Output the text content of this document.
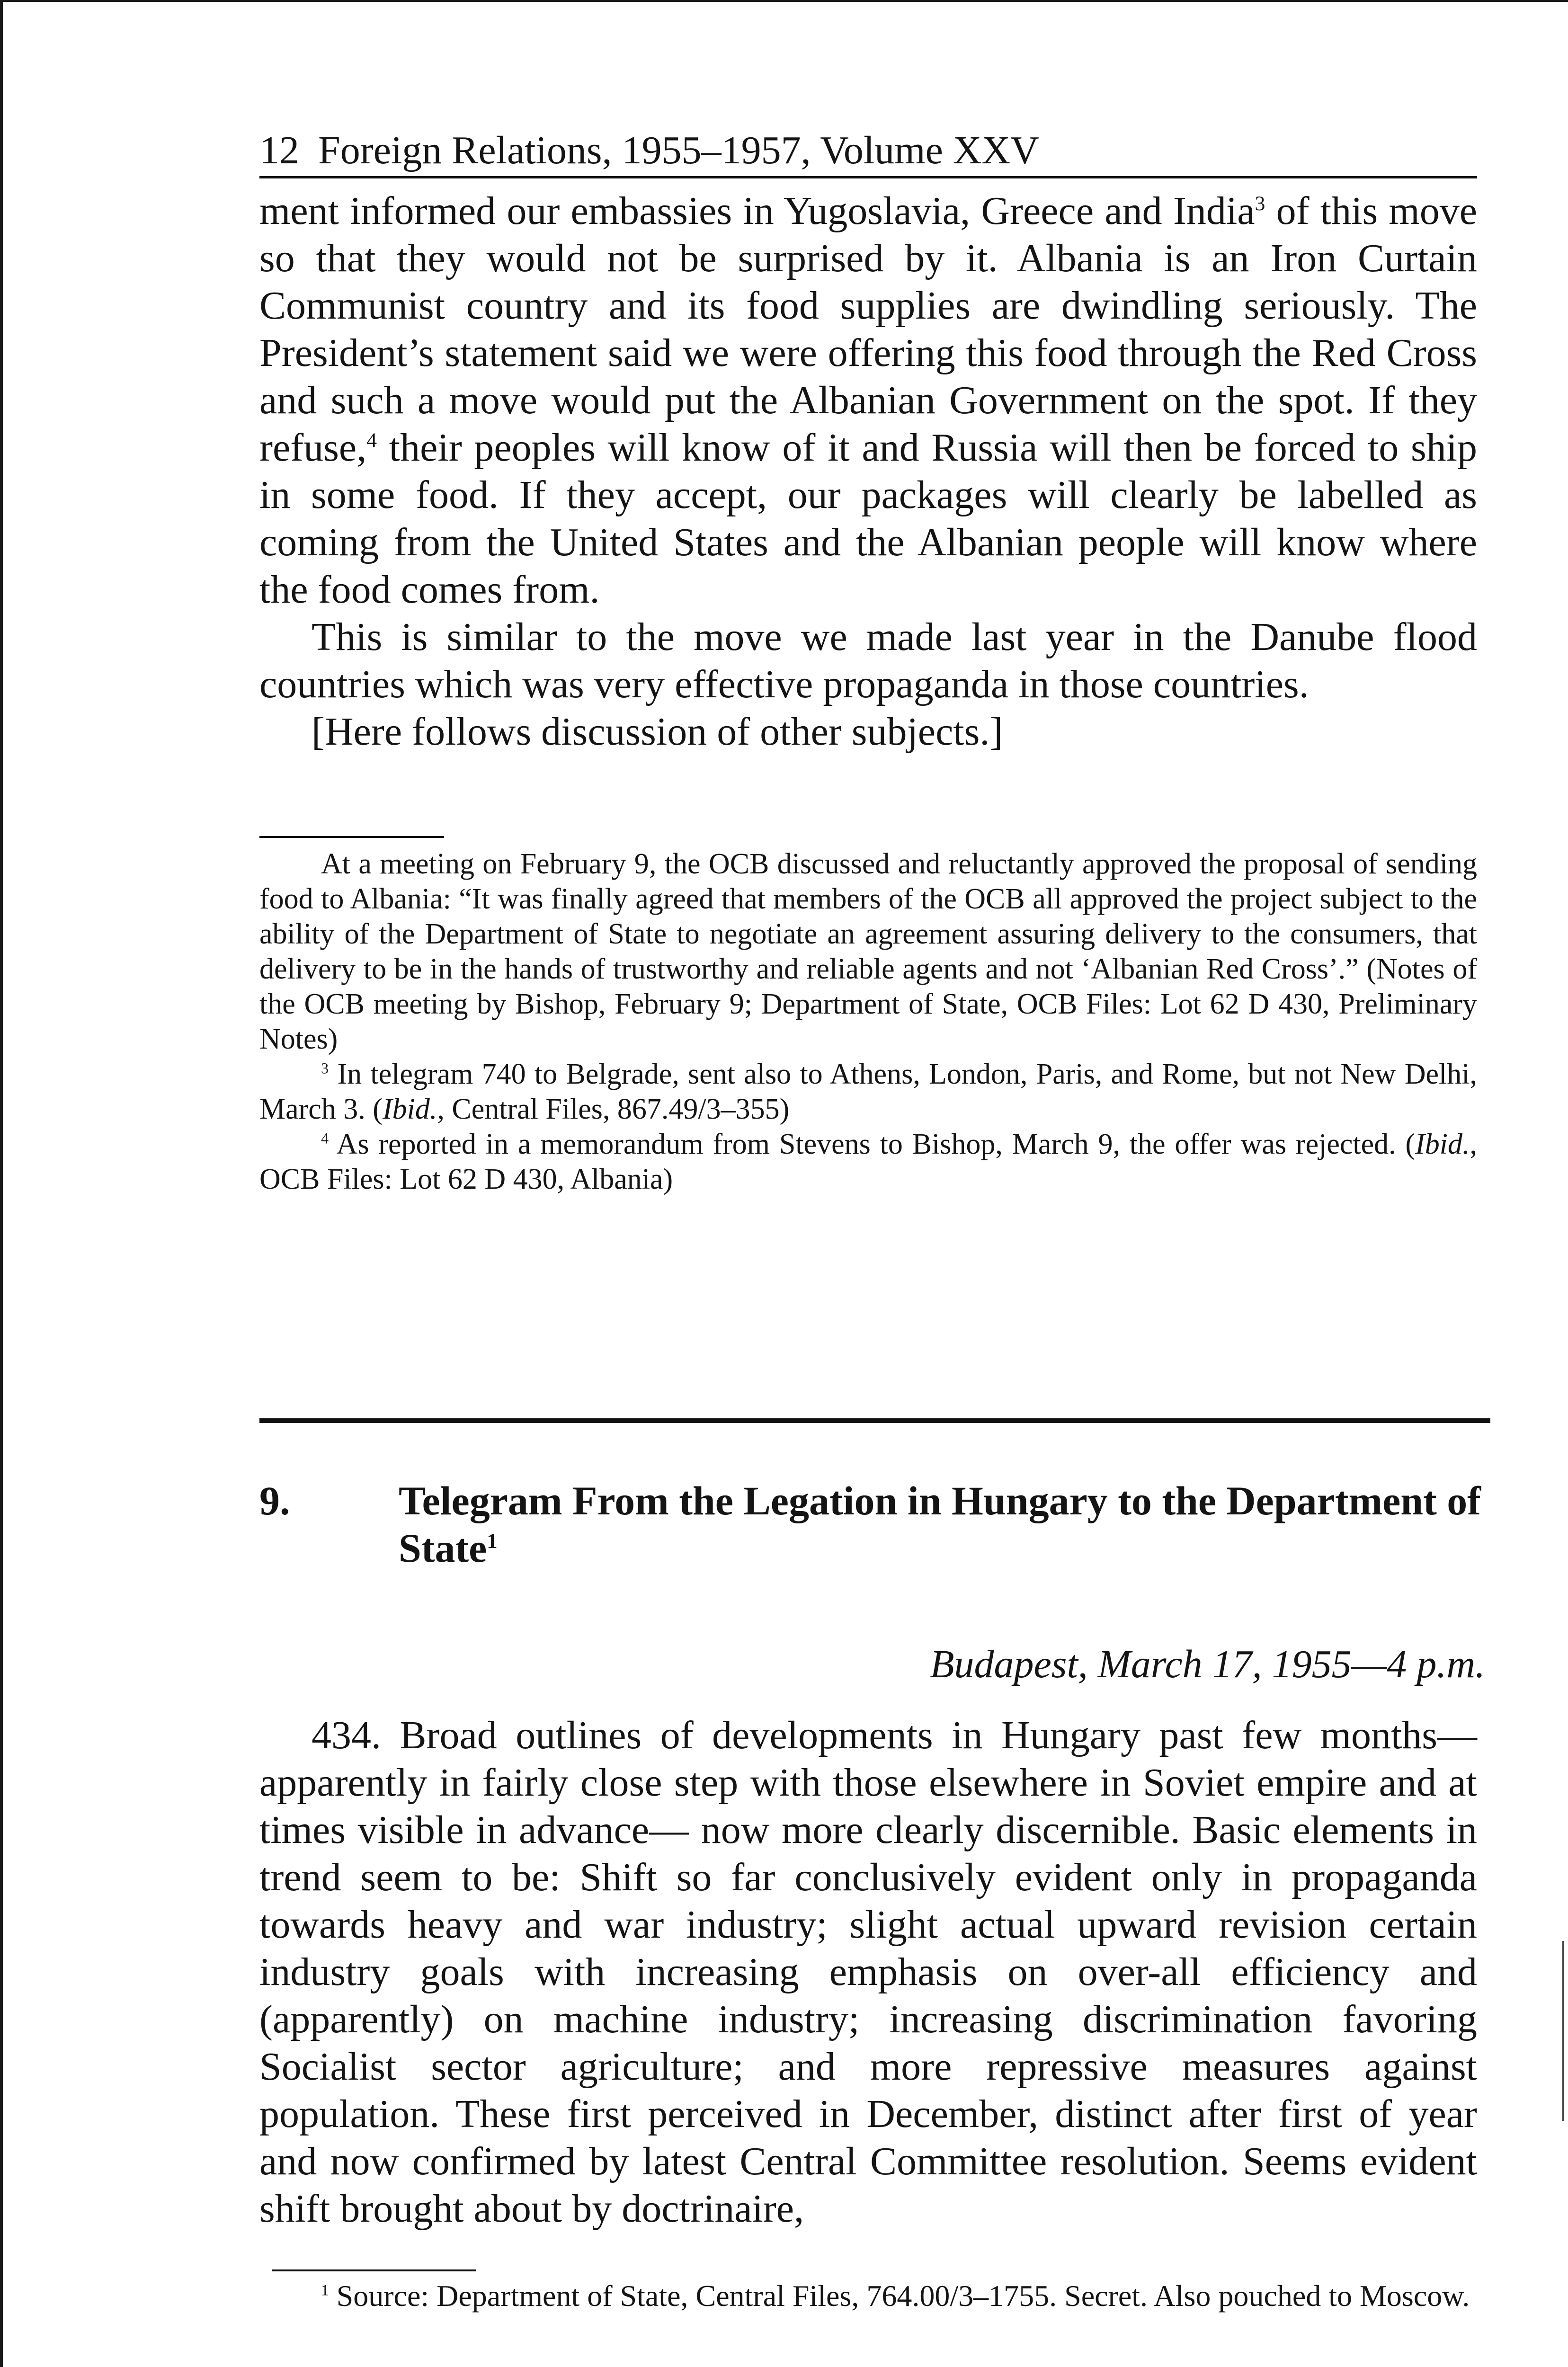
12 Foreign Relations, 1955–1957, Volume XXV

ment informed our embassies in Yugoslavia, Greece and India$^3$ of this move so that they would not be surprised by it. Albania is an Iron Curtain Communist country and its food supplies are dwindling seriously. The President’s statement said we were offering this food through the Red Cross and such a move would put the Albanian Government on the spot. If they refuse,$^4$ their peoples will know of it and Russia will then be forced to ship in some food. If they accept, our packages will clearly be labelled as coming from the United States and the Albanian people will know where the food comes from.

This is similar to the move we made last year in the Danube flood countries which was very effective propaganda in those countries.

[Here follows discussion of other subjects.]

At a meeting on February 9, the OCB discussed and reluctantly approved the proposal of sending food to Albania: “It was finally agreed that members of the OCB all approved the project subject to the ability of the Department of State to negotiate an agreement assuring delivery to the consumers, that delivery to be in the hands of trustworthy and reliable agents and not ‘Albanian Red Cross’.” (Notes of the OCB meeting by Bishop, February 9; Department of State, OCB Files: Lot 62 D 430, Preliminary Notes)

$^3$ In telegram 740 to Belgrade, sent also to Athens, London, Paris, and Rome, but not New Delhi, March 3. (Ibid., Central Files, 867.49/3–355)

$^4$ As reported in a memorandum from Stevens to Bishop, March 9, the offer was rejected. (Ibid., OCB Files: Lot 62 D 430, Albania)

9.	Telegram From the Legation in Hungary to the Department of State$^1$
Budapest, March 17, 1955—4 p.m.

434. Broad outlines of developments in Hungary past few months—apparently in fairly close step with those elsewhere in Soviet empire and at times visible in advance— now more clearly discernible. Basic elements in trend seem to be: Shift so far conclusively evident only in propaganda towards heavy and war industry; slight actual upward revision certain industry goals with increasing emphasis on over-all efficiency and (apparently) on machine industry; increasing discrimination favoring Socialist sector agriculture; and more repressive measures against population. These first perceived in December, distinct after first of year and now confirmed by latest Central Committee resolution. Seems evident shift brought about by doctrinaire,

$^1$ Source: Department of State, Central Files, 764.00/3–1755. Secret. Also pouched to Moscow.
